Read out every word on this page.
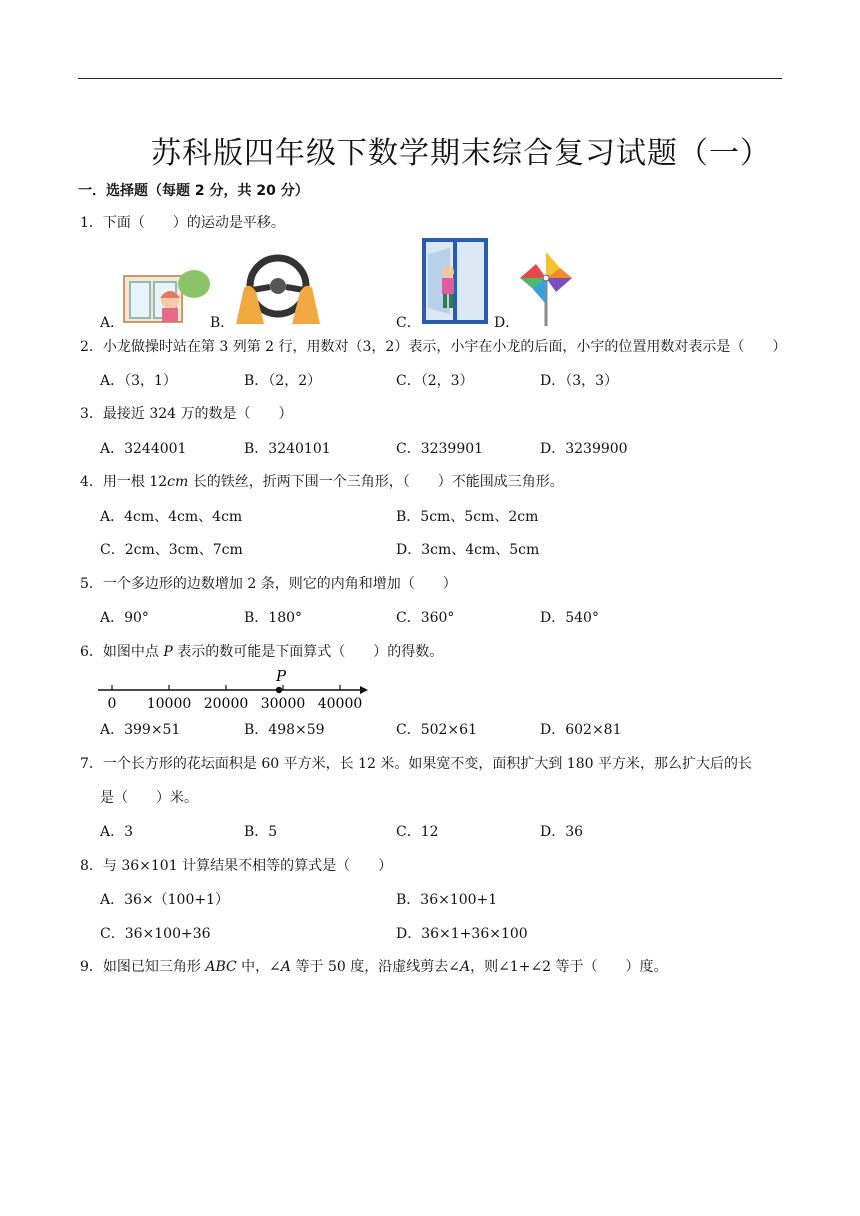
苏科版四年级下数学期末综合复习试题（一）
一．选择题（每题 2 分，共 20 分）
1．下面（　　）的运动是平移。
A．	B．	C．	D．
2．小龙做操时站在第 3 列第 2 行，用数对（3，2）表示，小宇在小龙的后面，小宇的位置用数对表示是（　　）
A．（3，1）	B．（2，2）	C．（2，3）	D．（3，3）
3．最接近 324 万的数是（　　）
A．3244001	B．3240101	C．3239901	D．3239900
4．用一根 12cm 长的铁丝，折两下围一个三角形，（　　）不能围成三角形。
A．4cm、4cm、4cm	B．5cm、5cm、2cm
C．2cm、3cm、7cm	D．3cm、4cm、5cm
5．一个多边形的边数增加 2 条，则它的内角和增加（　　）
A．90°	B．180°	C．360°	D．540°
6．如图中点 P 表示的数可能是下面算式（　　）的得数。
0 10000 20000 30000 40000
P
A．399×51	B．498×59	C．502×61	D．602×81
7．一个长方形的花坛面积是 60 平方米，长 12 米。如果宽不变，面积扩大到 180 平方米，那么扩大后的长
是（　　）米。
A．3	B．5	C．12	D．36
8．与 36×101 计算结果不相等的算式是（　　）
A．36×（100+1）	B．36×100+1
C．36×100+36	D．36×1+36×100
9．如图已知三角形 ABC 中，∠A 等于 50 度，沿虚线剪去∠A，则∠1+∠2 等于（　　）度。
